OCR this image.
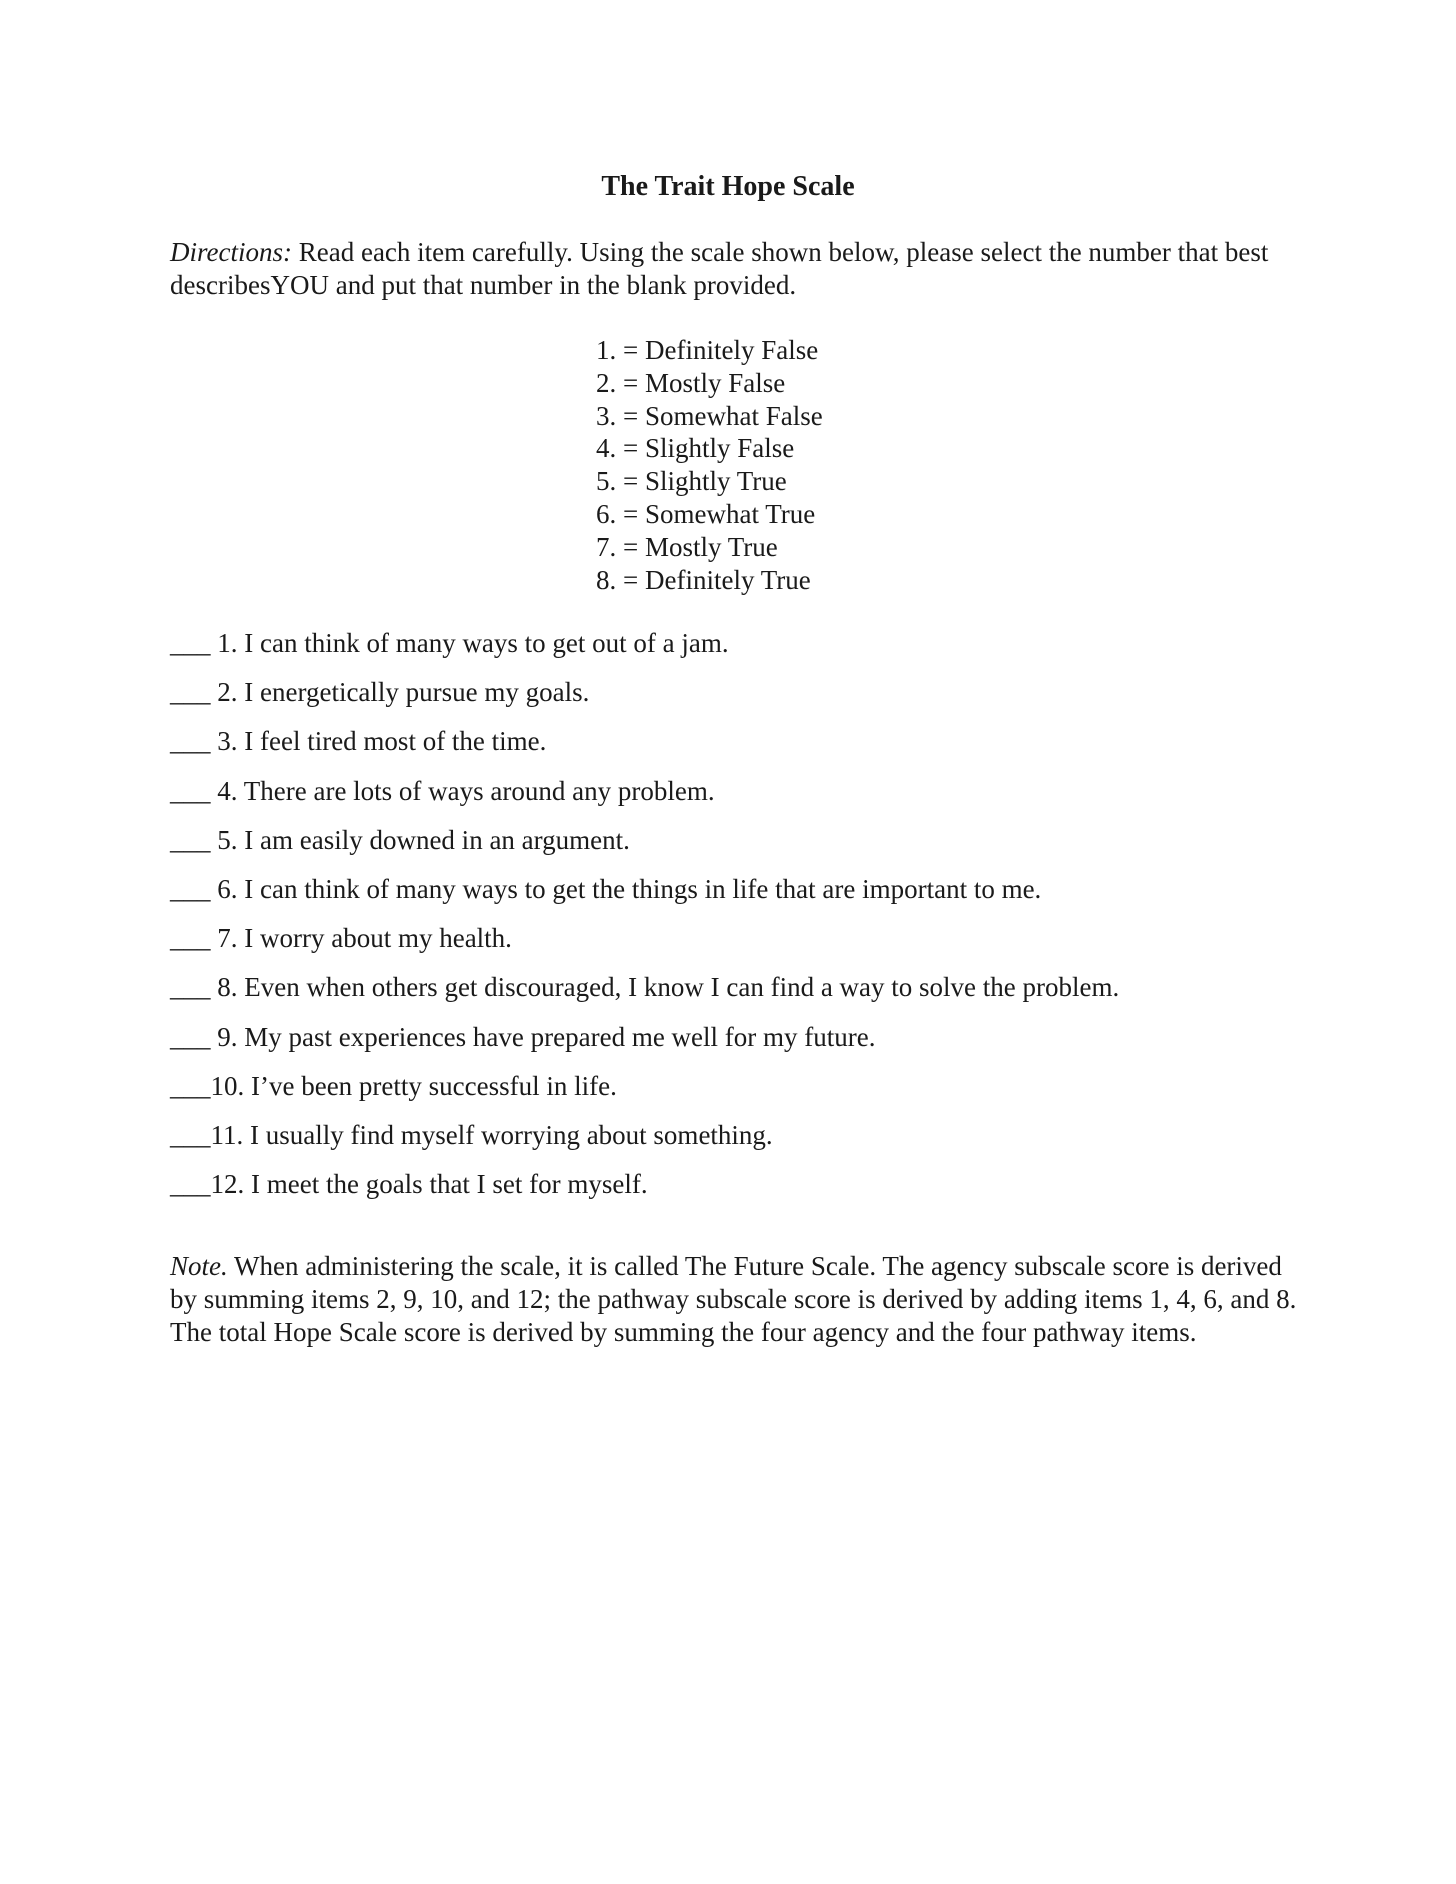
The Trait Hope Scale
Directions: Read each item carefully. Using the scale shown below, please select the number that best describesYOU and put that number in the blank provided.
1. = Definitely False
2. = Mostly False
3. = Somewhat False
4. = Slightly False
5. = Slightly True
6. = Somewhat True
7. = Mostly True
8. = Definitely True
___ 1. I can think of many ways to get out of a jam.
___ 2. I energetically pursue my goals.
___ 3. I feel tired most of the time.
___ 4. There are lots of ways around any problem.
___ 5. I am easily downed in an argument.
___ 6. I can think of many ways to get the things in life that are important to me.
___ 7. I worry about my health.
___ 8. Even when others get discouraged, I know I can find a way to solve the problem.
___ 9. My past experiences have prepared me well for my future.
___10. I’ve been pretty successful in life.
___11. I usually find myself worrying about something.
___12. I meet the goals that I set for myself.
Note. When administering the scale, it is called The Future Scale. The agency subscale score is derived by summing items 2, 9, 10, and 12; the pathway subscale score is derived by adding items 1, 4, 6, and 8. The total Hope Scale score is derived by summing the four agency and the four pathway items.
